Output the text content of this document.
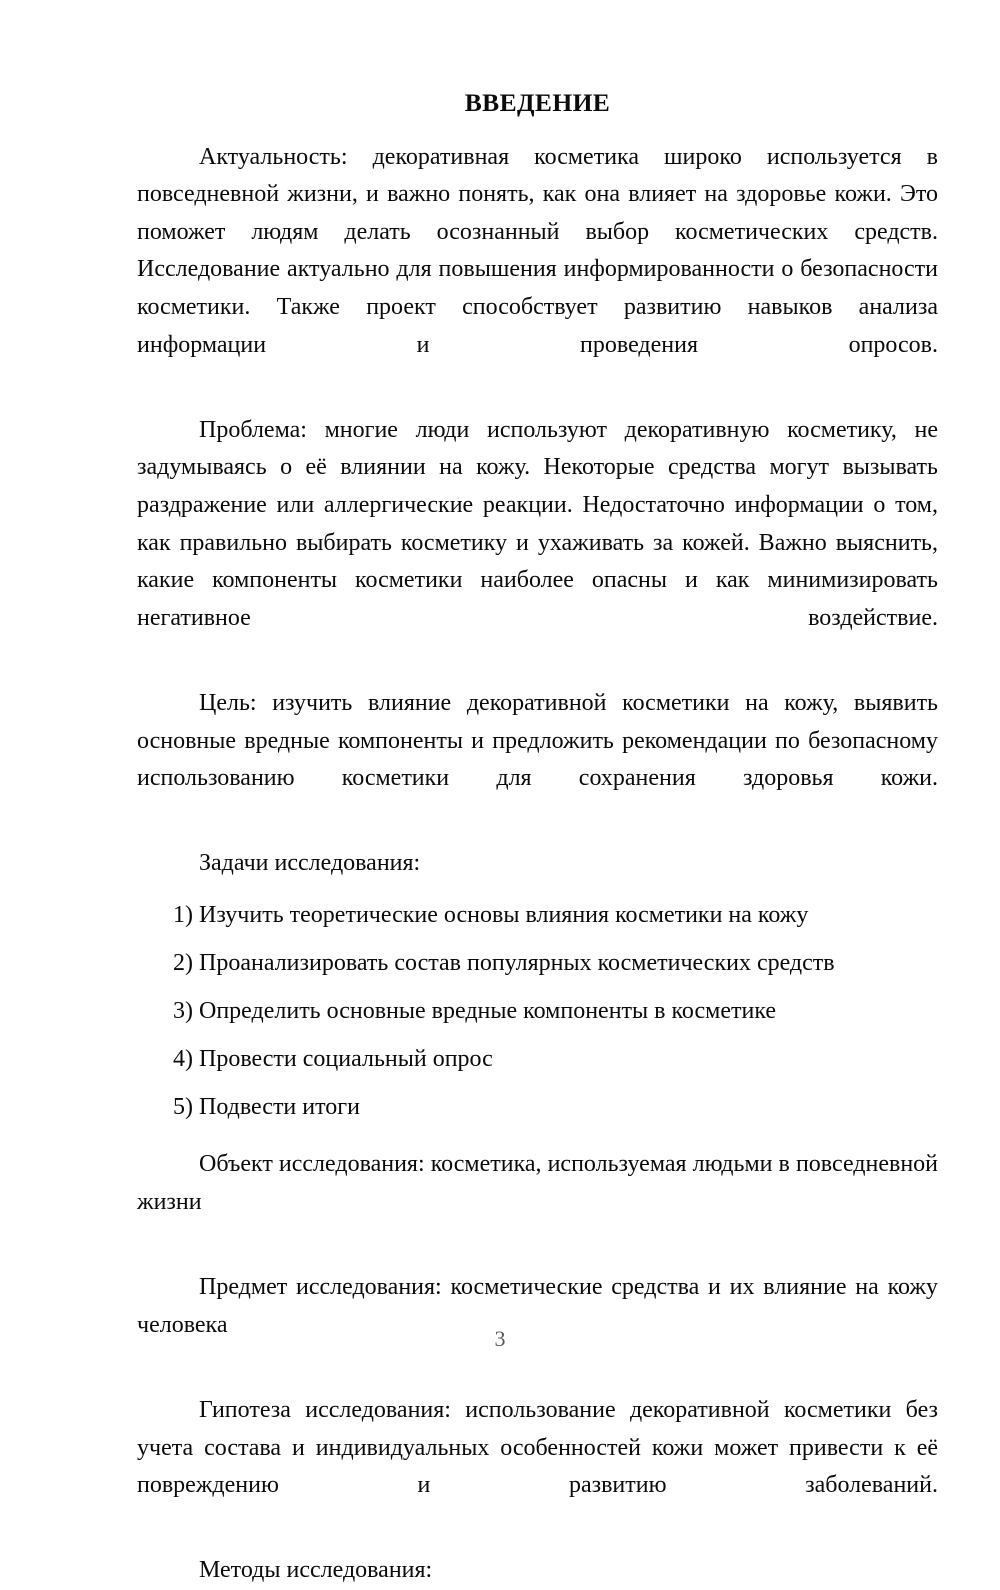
ВВЕДЕНИЕ

Актуальность: декоративная косметика широко используется в повседневной жизни, и важно понять, как она влияет на здоровье кожи. Это поможет людям делать осознанный выбор косметических средств. Исследование актуально для повышения информированности о безопасности косметики. Также проект способствует развитию навыков анализа информации и проведения опросов.

Проблема: многие люди используют декоративную косметику, не задумываясь о её влиянии на кожу. Некоторые средства могут вызывать раздражение или аллергические реакции. Недостаточно информации о том, как правильно выбирать косметику и ухаживать за кожей. Важно выяснить, какие компоненты косметики наиболее опасны и как минимизировать негативное воздействие.

Цель: изучить влияние декоративной косметики на кожу, выявить основные вредные компоненты и предложить рекомендации по безопасному использованию косметики для сохранения здоровья кожи.

Задачи исследования:

1) Изучить теоретические основы влияния косметики на кожу
2) Проанализировать состав популярных косметических средств
3) Определить основные вредные компоненты в косметике
4) Провести социальный опрос
5) Подвести итоги

Объект исследования: косметика, используемая людьми в повседневной жизни

Предмет исследования: косметические средства и их влияние на кожу человека

Гипотеза исследования: использование декоративной косметики без учета состава и индивидуальных особенностей кожи может привести к её повреждению и развитию заболеваний.

Методы исследования:

3
